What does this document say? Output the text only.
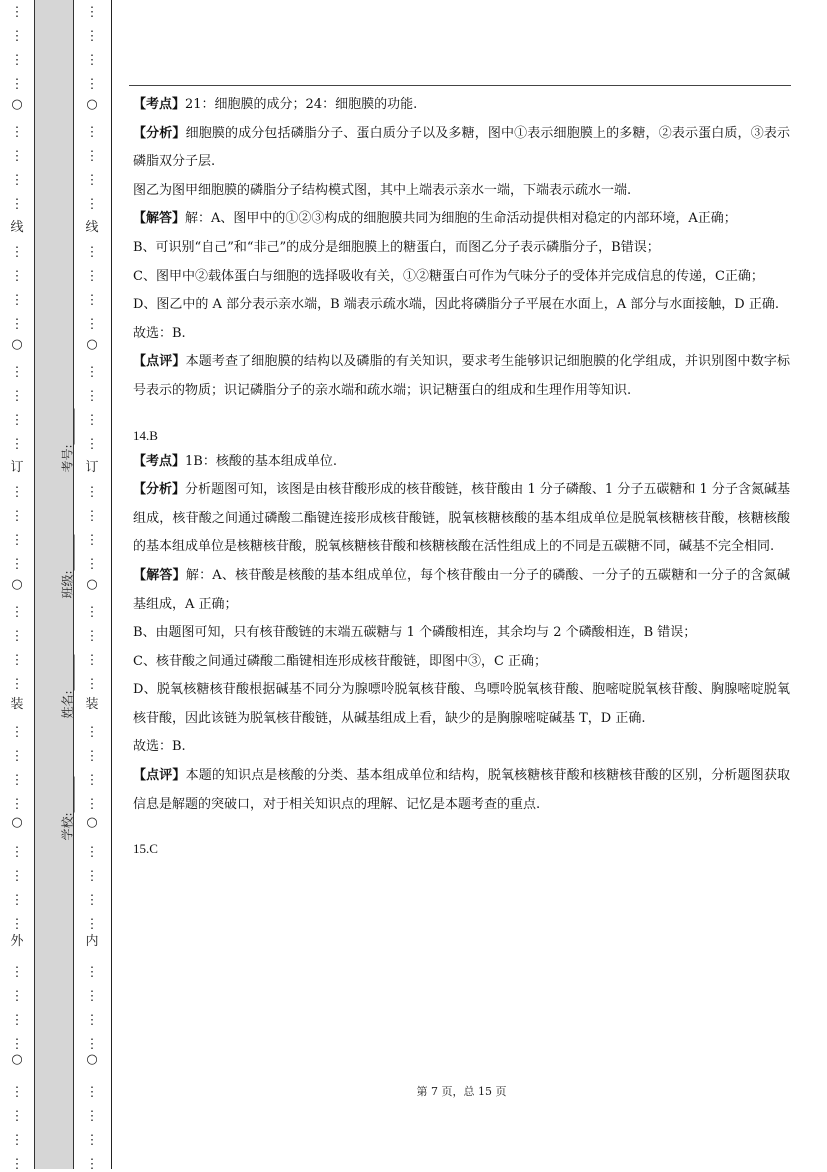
⋮
⋮
⋮
⋮
⋮
⋮
⋮
⋮
⋮
⋮
⋮
⋮
⋮
⋮
⋮
⋮
⋮
⋮
⋮
⋮
⋮
⋮
⋮
⋮
⋮
⋮
⋮
⋮
⋮
⋮
⋮
⋮
⋮
⋮
⋮
⋮
⋮
⋮
⋮
⋮
○
○
○
○
○
线
订
装
外
学校:______
姓名:______
班级:______
考号:______
⋮
⋮
⋮
⋮
⋮
⋮
⋮
⋮
⋮
⋮
⋮
⋮
⋮
⋮
⋮
⋮
⋮
⋮
⋮
⋮
⋮
⋮
⋮
⋮
⋮
⋮
⋮
⋮
⋮
⋮
⋮
⋮
⋮
⋮
⋮
⋮
⋮
⋮
⋮
⋮
○
○
○
○
○
线
订
装
内

【考点】21：细胞膜的成分；24：细胞膜的功能.

【分析】细胞膜的成分包括磷脂分子、蛋白质分子以及多糖，图中①表示细胞膜上的多糖，②表示蛋白质，③表示磷脂双分子层.

图乙为图甲细胞膜的磷脂分子结构模式图，其中上端表示亲水一端，下端表示疏水一端.

【解答】解：A、图甲中的①②③构成的细胞膜共同为细胞的生命活动提供相对稳定的内部环境，A正确；

B、可识别“自己”和“非己”的成分是细胞膜上的糖蛋白，而图乙分子表示磷脂分子，B错误；

C、图甲中②载体蛋白与细胞的选择吸收有关，①②糖蛋白可作为气味分子的受体并完成信息的传递，C正确；

D、图乙中的 A 部分表示亲水端，B 端表示疏水端，因此将磷脂分子平展在水面上，A 部分与水面接触，D 正确.

故选：B.

【点评】本题考查了细胞膜的结构以及磷脂的有关知识，要求考生能够识记细胞膜的化学组成，并识别图中数字标号表示的物质；识记磷脂分子的亲水端和疏水端；识记糖蛋白的组成和生理作用等知识.

14.B

【考点】1B：核酸的基本组成单位.

【分析】分析题图可知，该图是由核苷酸形成的核苷酸链，核苷酸由 1 分子磷酸、1 分子五碳糖和 1 分子含氮碱基组成，核苷酸之间通过磷酸二酯键连接形成核苷酸链，脱氧核糖核酸的基本组成单位是脱氧核糖核苷酸，核糖核酸的基本组成单位是核糖核苷酸，脱氧核糖核苷酸和核糖核酸在活性组成上的不同是五碳糖不同，碱基不完全相同.

【解答】解：A、核苷酸是核酸的基本组成单位，每个核苷酸由一分子的磷酸、一分子的五碳糖和一分子的含氮碱基组成，A 正确；

B、由题图可知，只有核苷酸链的末端五碳糖与 1 个磷酸相连，其余均与 2 个磷酸相连，B 错误；

C、核苷酸之间通过磷酸二酯键相连形成核苷酸链，即图中③，C 正确；

D、脱氧核糖核苷酸根据碱基不同分为腺嘌呤脱氧核苷酸、鸟嘌呤脱氧核苷酸、胞嘧啶脱氧核苷酸、胸腺嘧啶脱氧核苷酸，因此该链为脱氧核苷酸链，从碱基组成上看，缺少的是胸腺嘧啶碱基 T，D 正确.

故选：B.

【点评】本题的知识点是核酸的分类、基本组成单位和结构，脱氧核糖核苷酸和核糖核苷酸的区别，分析题图获取信息是解题的突破口，对于相关知识点的理解、记忆是本题考查的重点.

15.C

第 7 页，总 15 页
